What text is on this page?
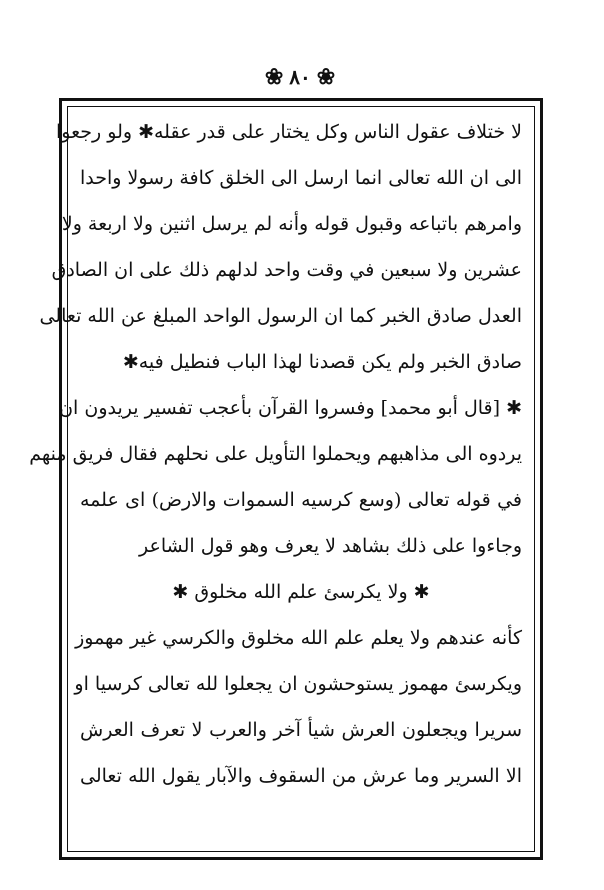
❀
٨٠
❀
لا ختلاف عقول الناس وكل يختار على قدر عقله✱ ولو رجعوا
الى ان الله تعالى انما ارسل الى الخلق كافة رسولا واحدا
وامرهم باتباعه وقبول قوله وأنه لم يرسل اثنين ولا اربعة ولا
عشرين ولا سبعين في وقت واحد لدلهم ذلك على ان الصادق
العدل صادق الخبر كما ان الرسول الواحد المبلغ عن الله تعالى
صادق الخبر ولم يكن قصدنا لهذا الباب فنطيل فيه✱
✱ [قال أبو محمد] وفسروا القرآن بأعجب تفسير يريدون ان
يردوه الى مذاهبهم ويحملوا التأويل على نحلهم فقال فريق منهم
في قوله تعالى (وسع كرسيه السموات والارض) اى علمه
وجاءوا على ذلك بشاهد لا يعرف وهو قول الشاعر
✱ ولا يكرسئ علم الله مخلوق ✱
كأنه عندهم ولا يعلم علم الله مخلوق والكرسي غير مهموز
ويكرسئ مهموز يستوحشون ان يجعلوا لله تعالى كرسيا او
سريرا ويجعلون العرش شيأ آخر والعرب لا تعرف العرش
الا السرير وما عرش من السقوف والآبار يقول الله تعالى
